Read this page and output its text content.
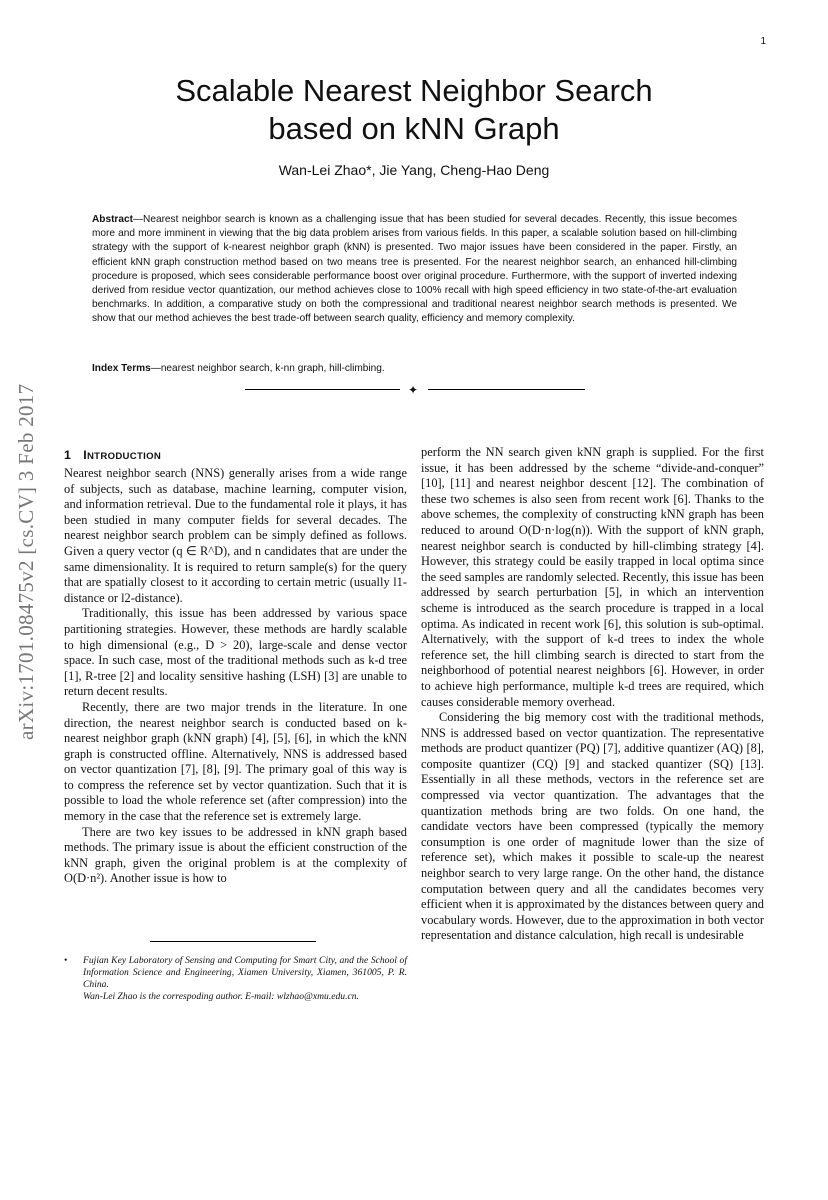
1
arXiv:1701.08475v2 [cs.CV] 3 Feb 2017
Scalable Nearest Neighbor Search
based on kNN Graph
Wan-Lei Zhao*, Jie Yang, Cheng-Hao Deng
Abstract—Nearest neighbor search is known as a challenging issue that has been studied for several decades. Recently, this issue becomes more and more imminent in viewing that the big data problem arises from various fields. In this paper, a scalable solution based on hill-climbing strategy with the support of k-nearest neighbor graph (kNN) is presented. Two major issues have been considered in the paper. Firstly, an efficient kNN graph construction method based on two means tree is presented. For the nearest neighbor search, an enhanced hill-climbing procedure is proposed, which sees considerable performance boost over original procedure. Furthermore, with the support of inverted indexing derived from residue vector quantization, our method achieves close to 100% recall with high speed efficiency in two state-of-the-art evaluation benchmarks. In addition, a comparative study on both the compressional and traditional nearest neighbor search methods is presented. We show that our method achieves the best trade-off between search quality, efficiency and memory complexity.
Index Terms—nearest neighbor search, k-nn graph, hill-climbing.
✦
1 INTRODUCTION

Nearest neighbor search (NNS) generally arises from a wide range of subjects, such as database, machine learning, computer vision, and information retrieval. Due to the fundamental role it plays, it has been studied in many computer fields for several decades. The nearest neighbor search problem can be simply defined as follows. Given a query vector (q ∈ R^D), and n candidates that are under the same dimensionality. It is required to return sample(s) for the query that are spatially closest to it according to certain metric (usually l1-distance or l2-distance).

Traditionally, this issue has been addressed by various space partitioning strategies. However, these methods are hardly scalable to high dimensional (e.g., D > 20), large-scale and dense vector space. In such case, most of the traditional methods such as k-d tree [1], R-tree [2] and locality sensitive hashing (LSH) [3] are unable to return decent results.

Recently, there are two major trends in the literature. In one direction, the nearest neighbor search is conducted based on k-nearest neighbor graph (kNN graph) [4], [5], [6], in which the kNN graph is constructed offline. Alternatively, NNS is addressed based on vector quantization [7], [8], [9]. The primary goal of this way is to compress the reference set by vector quantization. Such that it is possible to load the whole reference set (after compression) into the memory in the case that the reference set is extremely large.

There are two key issues to be addressed in kNN graph based methods. The primary issue is about the efficient construction of the kNN graph, given the original problem is at the complexity of O(D·n²). Another issue is how to

perform the NN search given kNN graph is supplied. For the first issue, it has been addressed by the scheme “divide-and-conquer” [10], [11] and nearest neighbor descent [12]. The combination of these two schemes is also seen from recent work [6]. Thanks to the above schemes, the complexity of constructing kNN graph has been reduced to around O(D·n·log(n)). With the support of kNN graph, nearest neighbor search is conducted by hill-climbing strategy [4]. However, this strategy could be easily trapped in local optima since the seed samples are randomly selected. Recently, this issue has been addressed by search perturbation [5], in which an intervention scheme is introduced as the search procedure is trapped in a local optima. As indicated in recent work [6], this solution is sub-optimal. Alternatively, with the support of k-d trees to index the whole reference set, the hill climbing search is directed to start from the neighborhood of potential nearest neighbors [6]. However, in order to achieve high performance, multiple k-d trees are required, which causes considerable memory overhead.

Considering the big memory cost with the traditional methods, NNS is addressed based on vector quantization. The representative methods are product quantizer (PQ) [7], additive quantizer (AQ) [8], composite quantizer (CQ) [9] and stacked quantizer (SQ) [13]. Essentially in all these methods, vectors in the reference set are compressed via vector quantization. The advantages that the quantization methods bring are two folds. On one hand, the candidate vectors have been compressed (typically the memory consumption is one order of magnitude lower than the size of reference set), which makes it possible to scale-up the nearest neighbor search to very large range. On the other hand, the distance computation between query and all the candidates becomes very efficient when it is approximated by the distances between query and vocabulary words. However, due to the approximation in both vector representation and distance calculation, high recall is undesirable

• Fujian Key Laboratory of Sensing and Computing for Smart City, and the School of Information Science and Engineering, Xiamen University, Xiamen, 361005, P. R. China.
Wan-Lei Zhao is the correspoding author. E-mail: wlzhao@xmu.edu.cn.
